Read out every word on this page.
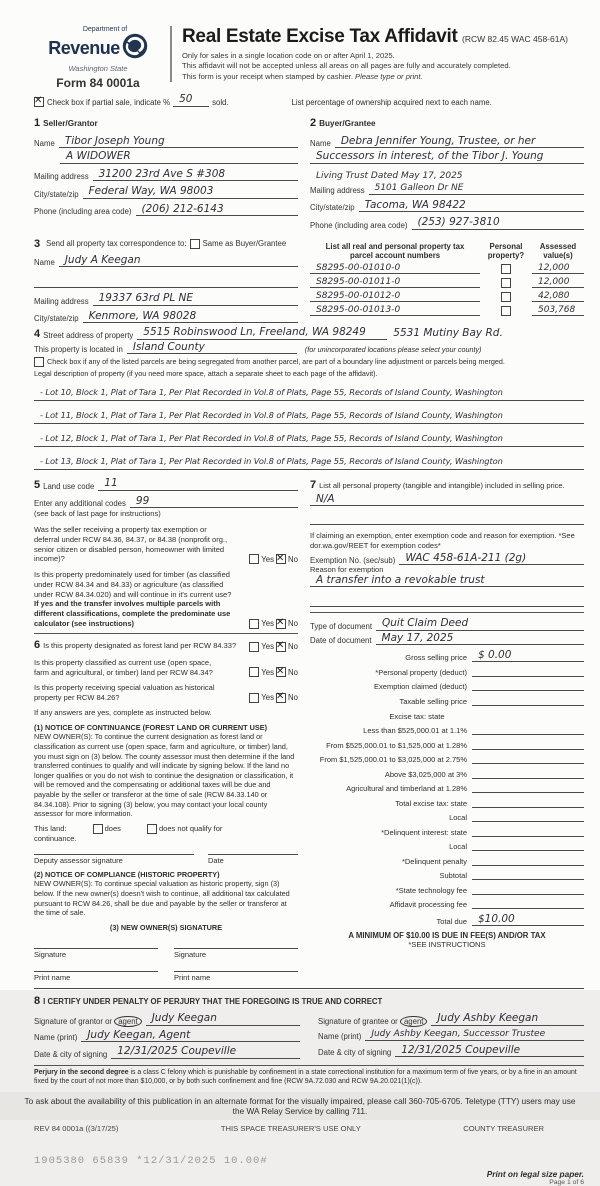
Department of
Revenue
Washington State
Form 84 0001a
Real Estate Excise Tax Affidavit (RCW 82.45 WAC 458-61A)
Only for sales in a single location code on or after April 1, 2025.
This affidavit will not be accepted unless all areas on all pages are fully and accurately completed.
This form is your receipt when stamped by cashier. Please type or print.
✕
Check box if partial sale, indicate % 50	sold.	List percentage of ownership acquired next to each name.
1 Seller/Grantor
Name Tibor Joseph Young
A WIDOWER
Mailing address 31200 23rd Ave S #308
City/state/zip Federal Way, WA 98003
Phone (including area code) (206) 212-6143
2 Buyer/Grantee
Name Debra Jennifer Young, Trustee, or her
Successors in interest, of the Tibor J. Young
Living Trust Dated May 17, 2025
Mailing address	5101 Galleon Dr NE
City/state/zip Tacoma, WA 98422
Phone (including area code) (253) 927-3810
3 Send all property tax correspondence to: Same as Buyer/Grantee
Name Judy A Keegan
Mailing address 19337 63rd PL NE
City/state/zip Kenmore, WA 98028
List all real and personal property tax
parcel account numbers
Personal
property?
Assessed
value(s)
S8295-00-01010-0	12,000
S8295-00-01011-0	12,000
S8295-00-01012-0	42,080
S8295-00-01013-0	503,768
4 Street address of property 5515 Robinswood Ln, Freeland, WA 98249	5531 Mutiny Bay Rd.
This property is located in Island County	(for unincorporated locations please select your county)
Check box if any of the listed parcels are being segregated from another parcel, are part of a boundary line adjustment or parcels being merged.
Legal description of property (if you need more space, attach a separate sheet to each page of the affidavit).
- Lot 10, Block 1, Plat of Tara 1, Per Plat Recorded in Vol.8 of Plats, Page 55, Records of Island County, Washington
- Lot 11, Block 1, Plat of Tara 1, Per Plat Recorded in Vol.8 of Plats, Page 55, Records of Island County, Washington
- Lot 12, Block 1, Plat of Tara 1, Per Plat Recorded in Vol.8 of Plats, Page 55, Records of Island County, Washington
- Lot 13, Block 1, Plat of Tara 1, Per Plat Recorded in Vol.8 of Plats, Page 55, Records of Island County, Washington
5 Land use code 11
Enter any additional codes 99
(see back of last page for instructions)
Was the seller receiving a property tax exemption or deferral under RCW 84.36, 84.37, or 84.38 (nonprofit org., senior citizen or disabled person, homeowner with limited income)?	Yes ✕ No
Is this property predominately used for timber (as classified under RCW 84.34 and 84.33) or agriculture (as classified under RCW 84.34.020) and will continue in it's current use? If yes and the transfer involves multiple parcels with different classifications, complete the predominate use calculator (see instructions)	Yes ✕ No
6 Is this property designated as forest land per RCW 84.33?	Yes ✕ No
Is this property classified as current use (open space, farm and agricultural, or timber) land per RCW 84.34?	Yes ✕ No
Is this property receiving special valuation as historical property per RCW 84.26?	Yes ✕ No
If any answers are yes, complete as instructed below.
(1) NOTICE OF CONTINUANCE (FOREST LAND OR CURRENT USE)
NEW OWNER(S): To continue the current designation as forest land or classification as current use (open space, farm and agriculture, or timber) land, you must sign on (3) below. The county assessor must then determine if the land transferred continues to qualify and will indicate by signing below. If the land no longer qualifies or you do not wish to continue the designation or classification, it will be removed and the compensating or additional taxes will be due and payable by the seller or transferor at the time of sale (RCW 84.33.140 or 84.34.108). Prior to signing (3) below, you may contact your local county assessor for more information.
This land:	does	does not qualify for
continuance.
Deputy assessor signature	Date
(2) NOTICE OF COMPLIANCE (HISTORIC PROPERTY)
NEW OWNER(S): To continue special valuation as historic property, sign (3) below. If the new owner(s) doesn't wish to continue, all additional tax calculated pursuant to RCW 84.26, shall be due and payable by the seller or transferor at the time of sale.
(3) NEW OWNER(S) SIGNATURE
Signature	Signature
Print name	Print name
7 List all personal property (tangible and intangible) included in selling price.
N/A
If claiming an exemption, enter exemption code and reason for exemption. *See dor.wa.gov/REET for exemption codes*
Exemption No. (sec/sub) WAC 458-61A-211 (2g)
Reason for exemption
A transfer into a revokable trust
Type of document Quit Claim Deed
Date of document May 17, 2025
Gross selling price	$ 0.00
*Personal property (deduct)
Exemption claimed (deduct)
Taxable selling price
Excise tax: state
Less than $525,000.01 at 1.1%
From $525,000.01 to $1,525,000 at 1.28%
From $1,525,000.01 to $3,025,000 at 2.75%
Above $3,025,000 at 3%
Agricultural and timberland at 1.28%
Total excise tax: state
Local
*Delinquent interest: state
Local
*Delinquent penalty
Subtotal
*State technology fee
Affidavit processing fee
Total due	$10.00
A MINIMUM OF $10.00 IS DUE IN FEE(S) AND/OR TAX
*SEE INSTRUCTIONS
8 I CERTIFY UNDER PENALTY OF PERJURY THAT THE FOREGOING IS TRUE AND CORRECT
Signature of grantor or agent	Judy Keegan
Name (print) Judy Keegan, Agent
Date & city of signing 12/31/2025 Coupeville
Signature of grantee or agent	Judy Ashby Keegan
Name (print)	Judy Ashby Keegan, Successor Trustee
Date & city of signing 12/31/2025 Coupeville
Perjury in the second degree is a class C felony which is punishable by confinement in a state correctional institution for a maximum term of five years, or by a fine in an amount fixed by the court of not more than $10,000, or by both such confinement and fine (RCW 9A.72.030 and RCW 9A.20.021(1)(c)).
To ask about the availability of this publication in an alternate format for the visually impaired, please call 360-705-6705. Teletype (TTY) users may use the WA Relay Service by calling 711.
REV 84 0001a ((3/17/25)	THIS SPACE TREASURER'S USE ONLY	COUNTY TREASURER
1905380 65839 *12/31/2025 10.00#
Print on legal size paper.
Page 1 of 6
